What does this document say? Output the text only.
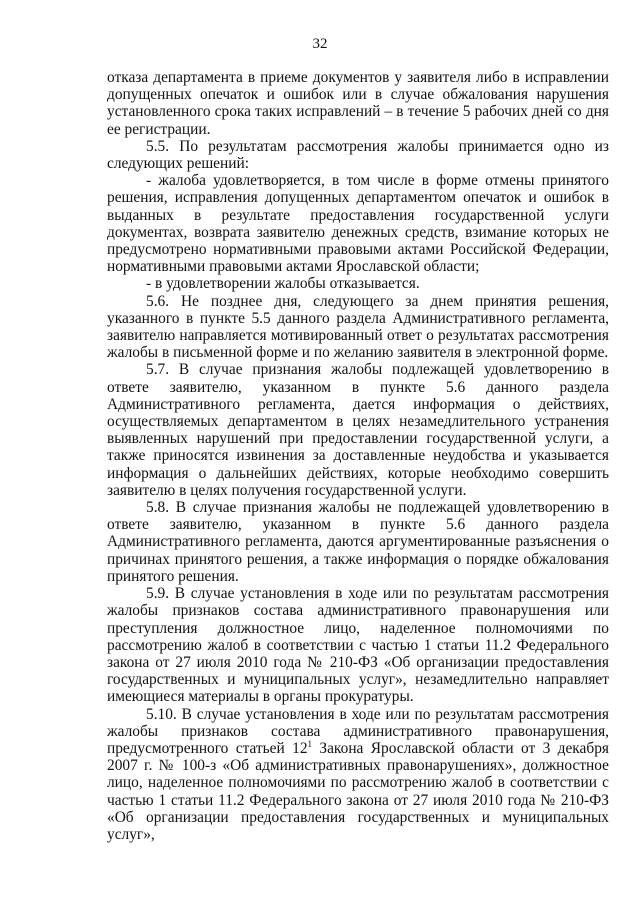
32

отказа департамента в приеме документов у заявителя либо в исправлении допущенных опечаток и ошибок или в случае обжалования нарушения установленного срока таких исправлений – в течение 5 рабочих дней со дня ее регистрации.

5.5. По результатам рассмотрения жалобы принимается одно из следующих решений:

- жалоба удовлетворяется, в том числе в форме отмены принятого решения, исправления допущенных департаментом опечаток и ошибок в выданных в результате предоставления государственной услуги документах, возврата заявителю денежных средств, взимание которых не предусмотрено нормативными правовыми актами Российской Федерации, нормативными правовыми актами Ярославской области;

- в удовлетворении жалобы отказывается.

5.6. Не позднее дня, следующего за днем принятия решения, указанного в пункте 5.5 данного раздела Административного регламента, заявителю направляется мотивированный ответ о результатах рассмотрения жалобы в письменной форме и по желанию заявителя в электронной форме.

5.7. В случае признания жалобы подлежащей удовлетворению в ответе заявителю, указанном в пункте 5.6 данного раздела Административного регламента, дается информация о действиях, осуществляемых департаментом в целях незамедлительного устранения выявленных нарушений при предоставлении государственной услуги, а также приносятся извинения за доставленные неудобства и указывается информация о дальнейших действиях, которые необходимо совершить заявителю в целях получения государственной услуги.

5.8. В случае признания жалобы не подлежащей удовлетворению в ответе заявителю, указанном в пункте 5.6 данного раздела Административного регламента, даются аргументированные разъяснения о причинах принятого решения, а также информация о порядке обжалования принятого решения.

5.9. В случае установления в ходе или по результатам рассмотрения жалобы признаков состава административного правонарушения или преступления должностное лицо, наделенное полномочиями по рассмотрению жалоб в соответствии с частью 1 статьи 11.2 Федерального закона от 27 июля 2010 года № 210-ФЗ «Об организации предоставления государственных и муниципальных услуг», незамедлительно направляет имеющиеся материалы в органы прокуратуры.

5.10. В случае установления в ходе или по результатам рассмотрения жалобы признаков состава административного правонарушения, предусмотренного статьей $12^1$ Закона Ярославской области от 3 декабря 2007 г. № 100-з «Об административных правонарушениях», должностное лицо, наделенное полномочиями по рассмотрению жалоб в соответствии с частью 1 статьи 11.2 Федерального закона от 27 июля 2010 года № 210-ФЗ «Об организации предоставления государственных и муниципальных услуг»,
